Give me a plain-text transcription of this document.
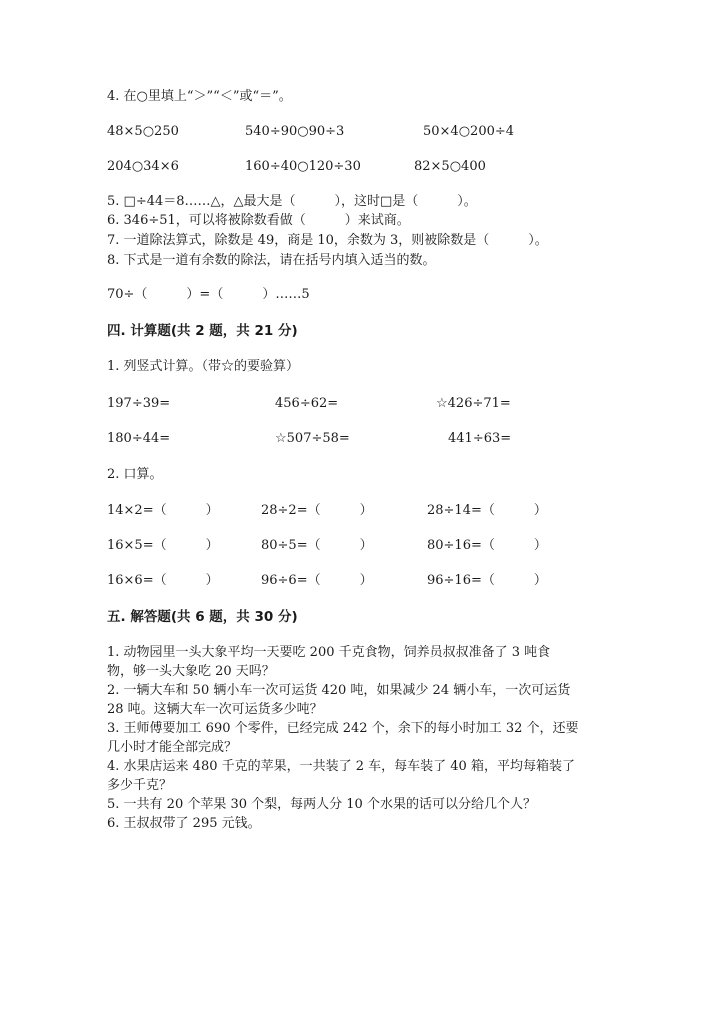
4. 在○里填上“＞”“＜”或“＝”。
48×5○250	540÷90○90÷3	50×4○200÷4
204○34×6	160÷40○120÷30	82×5○400
5. □÷44＝8……△，△最大是（　　　），这时□是（　　　）。
6. 346÷51，可以将被除数看做（　　　）来试商。
7. 一道除法算式，除数是 49，商是 10，余数为 3，则被除数是（　　　）。
8. 下式是一道有余数的除法，请在括号内填入适当的数。
70÷（　　　）=（　　　）……5
四. 计算题(共 2 题，共 21 分)
1. 列竖式计算。（带☆的要验算）
197÷39=	456÷62=	☆426÷71=
180÷44=	☆507÷58=	441÷63=
2. 口算。
14×2=（　　　）	28÷2=（　　　）	28÷14=（　　　）
16×5=（　　　）	80÷5=（　　　）	80÷16=（　　　）
16×6=（　　　）	96÷6=（　　　）	96÷16=（　　　）
五. 解答题(共 6 题，共 30 分)
1. 动物园里一头大象平均一天要吃 200 千克食物，饲养员叔叔准备了 3 吨食
物，够一头大象吃 20 天吗？
2. 一辆大车和 50 辆小车一次可运货 420 吨，如果减少 24 辆小车，一次可运货
28 吨。这辆大车一次可运货多少吨？
3. 王师傅要加工 690 个零件，已经完成 242 个，余下的每小时加工 32 个，还要
几小时才能全部完成？
4. 水果店运来 480 千克的苹果，一共装了 2 车，每车装了 40 箱，平均每箱装了
多少千克？
5. 一共有 20 个苹果 30 个梨，每两人分 10 个水果的话可以分给几个人？
6. 王叔叔带了 295 元钱。
